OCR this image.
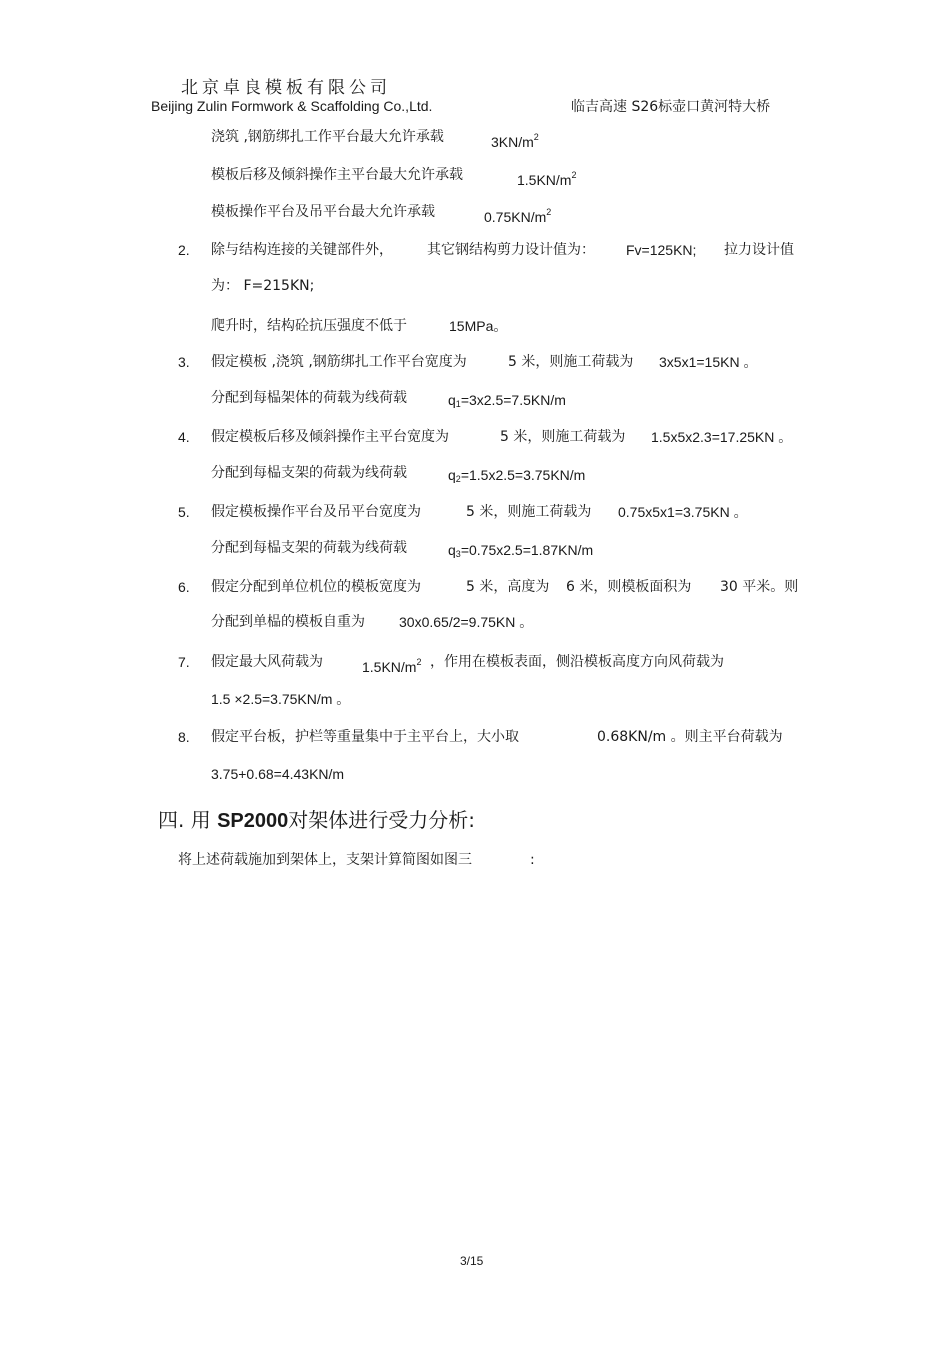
北京卓良模板有限公司
Beijing Zulin Formwork & Scaffolding Co.,Ltd.	临吉高速 S26标壶口黄河特大桥
浇筑 ,钢筋绑扎工作平台最大允许承载	$3KN/m^2$
模板后移及倾斜操作主平台最大允许承载	$1.5KN/m^2$
模板操作平台及吊平台最大允许承载	$0.75KN/m^2$
2. 除与结构连接的关键部件外， 其它钢结构剪力设计值为： Fv=125KN; 拉力设计值
为： F=215KN;
爬升时，结构砼抗压强度不低于	15MPa。
3. 假定模板 ,浇筑 ,钢筋绑扎工作平台宽度为	5 米，则施工荷载为 3x5x1=15KN 。
分配到每榀架体的荷载为线荷载	$q_1=3x2.5=7.5KN/m$
4. 假定模板后移及倾斜操作主平台宽度为	5 米，则施工荷载为 1.5x5x2.3=17.25KN 。
分配到每榀支架的荷载为线荷载	$q_2=1.5x2.5=3.75KN/m$
5. 假定模板操作平台及吊平台宽度为	5 米，则施工荷载为 0.75x5x1=3.75KN 。
分配到每榀支架的荷载为线荷载	$q_3=0.75x2.5=1.87KN/m$
6. 假定分配到单位机位的模板宽度为	5 米，高度为 6 米，则模板面积为 30 平米。则
分配到单榀的模板自重为 30x0.65/2=9.75KN 。
7. 假定最大风荷载为	$1.5KN/m^2$ ，作用在模板表面，侧沿模板高度方向风荷载为
1.5 ×2.5=3.75KN/m 。
8. 假定平台板，护栏等重量集中于主平台上，大小取	0.68KN/m 。则主平台荷载为
3.75+0.68=4.43KN/m
四. 用 SP2000对架体进行受力分析:
将上述荷载施加到架体上，支架计算简图如图三	:
3/15
